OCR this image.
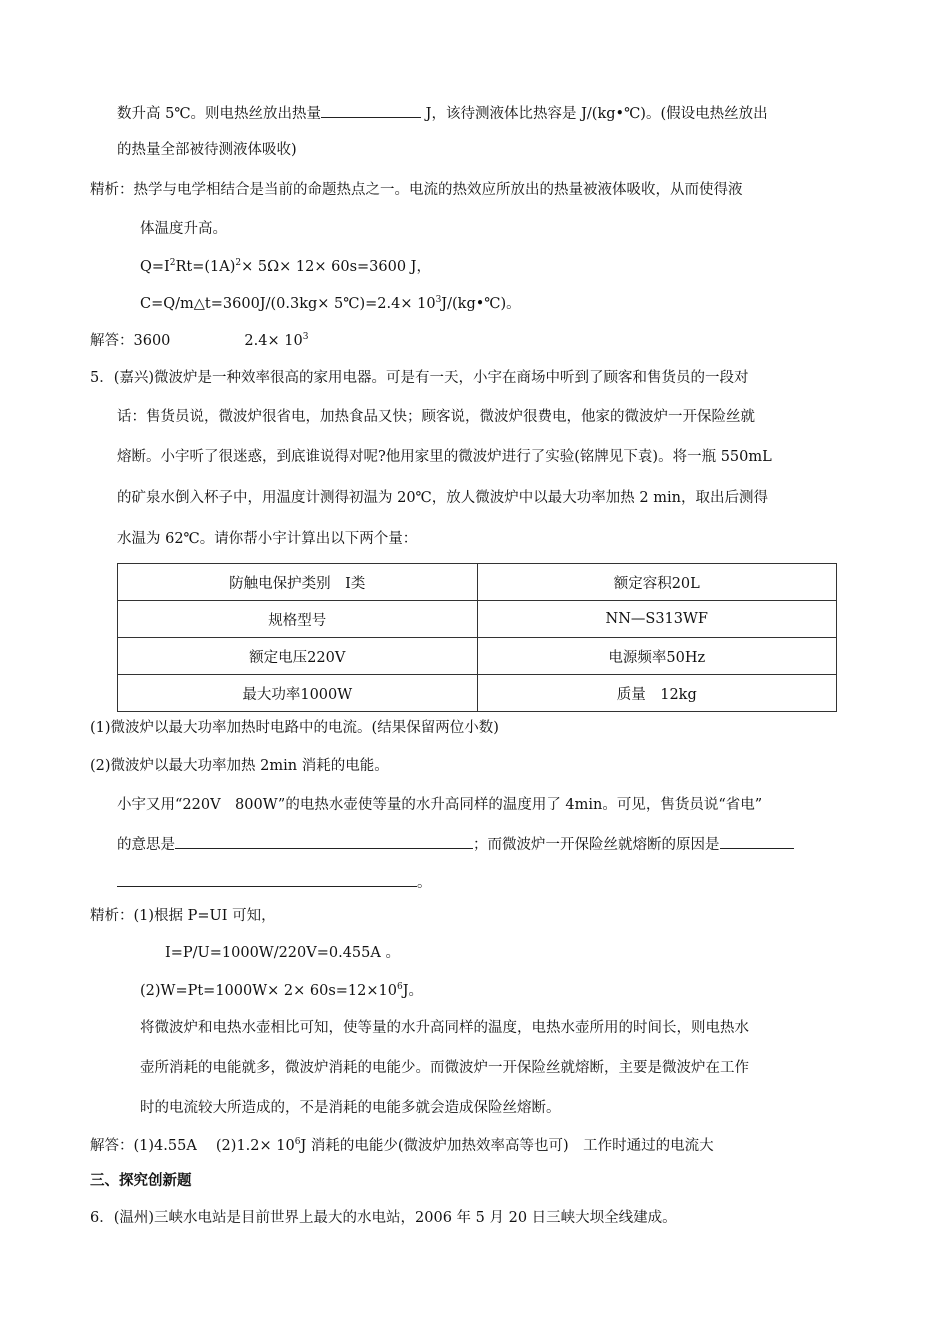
数升高 5℃。则电热丝放出热量	J，该待测液体比热容是 J/(kg•℃)。(假设电热丝放出
的热量全部被待测液体吸收)
精析：热学与电学相结合是当前的命题热点之一。电流的热效应所放出的热量被液体吸收，从而使得液
体温度升高。
$Q=I^2Rt=(1A)^2\times 5\Omega\times 12\times 60s=3600$ J，
C=Q/m△t=3600J/(0.3kg× 5℃)=2.4× $10^3J/(kg•℃)$。
解答：3600	$2.4\times 10^3$
5．(嘉兴)微波炉是一种效率很高的家用电器。可是有一天，小宇在商场中听到了顾客和售货员的一段对
话：售货员说，微波炉很省电，加热食品又快；顾客说，微波炉很费电，他家的微波炉一开保险丝就
熔断。小宇听了很迷惑，到底谁说得对呢?他用家里的微波炉进行了实验(铭牌见下袁)。将一瓶 550mL
的矿泉水倒入杯子中，用温度计测得初温为 20℃，放人微波炉中以最大功率加热 2 min，取出后测得
水温为 62℃。请你帮小宇计算出以下两个量：
防触电保护类别　I类	额定容积20L
规格型号	NN—S313WF
额定电压220V	电源频率50Hz
最大功率1000W	质量　12kg
(1)微波炉以最大功率加热时电路中的电流。(结果保留两位小数)
(2)微波炉以最大功率加热 2min 消耗的电能。
小宇又用“220V　800W”的电热水壶使等量的水升高同样的温度用了 4min。可见，售货员说“省电”
的意思是	；而微波炉一开保险丝就熔断的原因是
。
精析：(1)根据 P=UI 可知，
I=P/U=1000W/220V=0.455A 。
$(2)W=Pt=1000W\times 2\times 60s=12\times 10^6J$。
将微波炉和电热水壶相比可知，使等量的水升高同样的温度，电热水壶所用的时间长，则电热水
壶所消耗的电能就多，微波炉消耗的电能少。而微波炉一开保险丝就熔断，主要是微波炉在工作
时的电流较大所造成的，不是消耗的电能多就会造成保险丝熔断。
解答：(1)4.55A　 $(2)1.2\times 10^6J$ 消耗的电能少(微波炉加热效率高等也可)　工作时通过的电流大
三、探究创新题
6．(温州)三峡水电站是目前世界上最大的水电站，2006 年 5 月 20 日三峡大坝全线建成。
